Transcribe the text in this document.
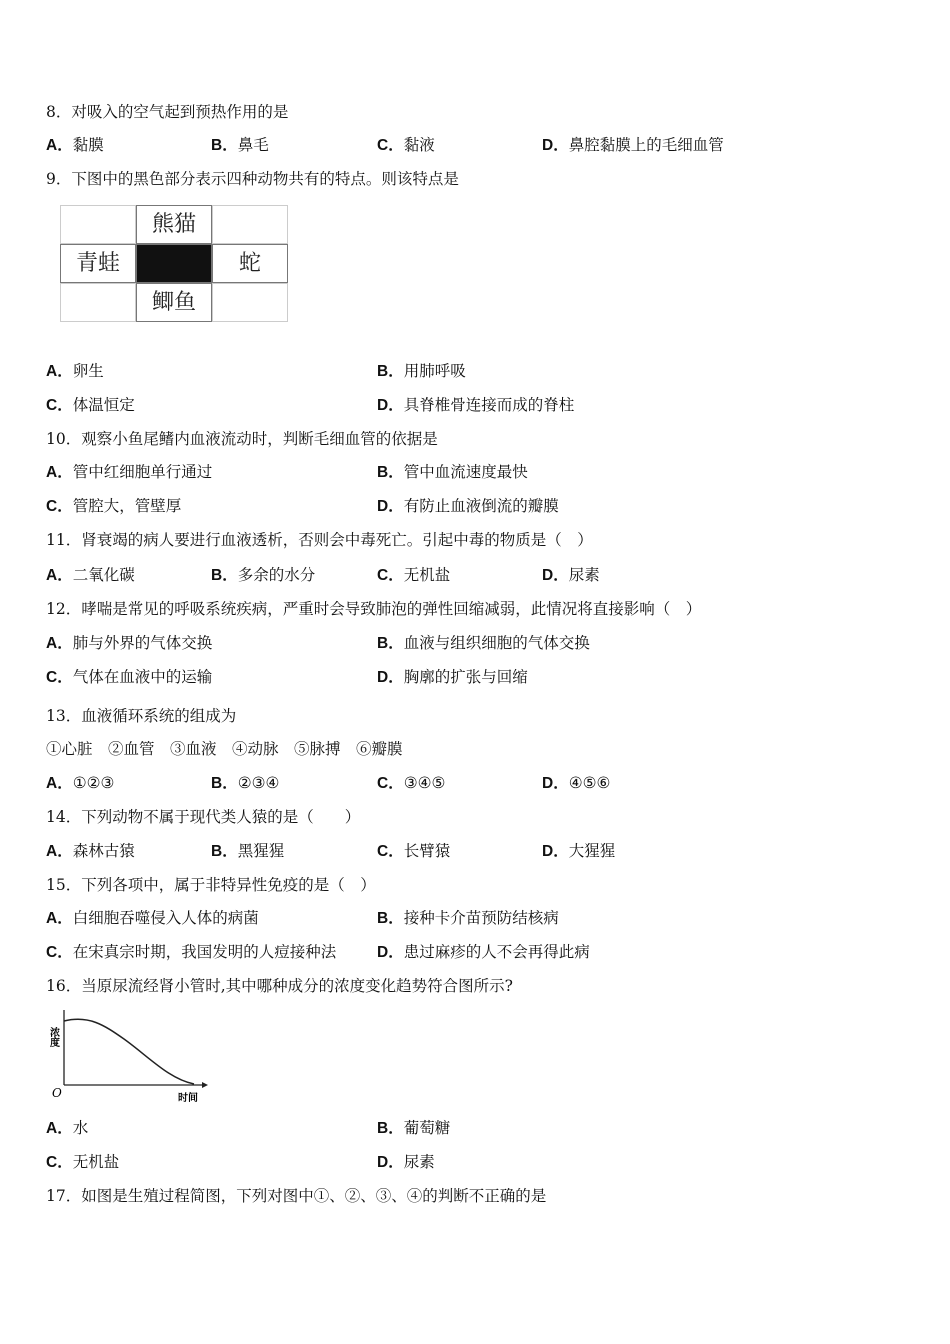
8．对吸入的空气起到预热作用的是
A．黏膜	B．鼻毛	C．黏液	D．鼻腔黏膜上的毛细血管
9．下图中的黑色部分表示四种动物共有的特点。则该特点是
熊猫
青蛙	蛇
鲫鱼
A．卵生	B．用肺呼吸
C．体温恒定	D．具脊椎骨连接而成的脊柱
10．观察小鱼尾鳍内血液流动时，判断毛细血管的依据是
A．管中红细胞单行通过	B．管中血流速度最快
C．管腔大，管壁厚	D．有防止血液倒流的瓣膜
11．肾衰竭的病人要进行血液透析，否则会中毒死亡。引起中毒的物质是（　）
A．二氧化碳	B．多余的水分	C．无机盐	D．尿素
12．哮喘是常见的呼吸系统疾病，严重时会导致肺泡的弹性回缩减弱，此情况将直接影响（　）
A．肺与外界的气体交换	B．血液与组织细胞的气体交换
C．气体在血液中的运输	D．胸廓的扩张与回缩
13．血液循环系统的组成为
①心脏　②血管　③血液　④动脉　⑤脉搏　⑥瓣膜
A．①②③	B．②③④	C．③④⑤	D．④⑤⑥
14．下列动物不属于现代类人猿的是（　　）
A．森林古猿	B．黑猩猩	C．长臂猿	D．大猩猩
15．下列各项中，属于非特异性免疫的是（　）
A．白细胞吞噬侵入人体的病菌	B．接种卡介苗预防结核病
C．在宋真宗时期，我国发明的人痘接种法	D．患过麻疹的人不会再得此病
16．当原尿流经肾小管时,其中哪种成分的浓度变化趋势符合图所示?
浓度
O	时间
A．水	B．葡萄糖
C．无机盐	D．尿素
17．如图是生殖过程简图，下列对图中①、②、③、④的判断不正确的是
